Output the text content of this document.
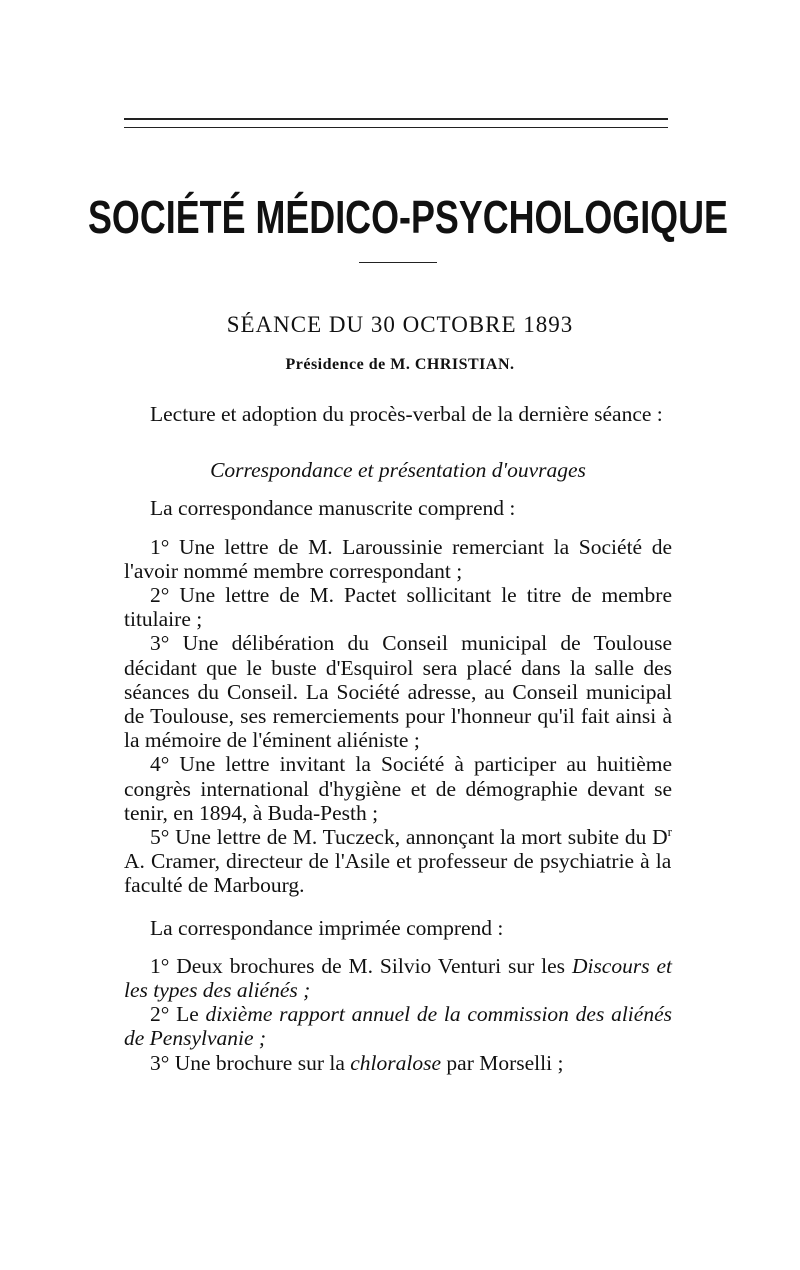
SOCIÉTÉ MÉDICO-PSYCHOLOGIQUE
SÉANCE DU 30 OCTOBRE 1893
Présidence de M. CHRISTIAN.

Lecture et adoption du procès-verbal de la dernière séance :

Correspondance et présentation d'ouvrages

La correspondance manuscrite comprend :

1° Une lettre de M. Laroussinie remerciant la Société de l'avoir nommé membre correspondant ;

2° Une lettre de M. Pactet sollicitant le titre de membre titulaire ;

3° Une délibération du Conseil municipal de Toulouse décidant que le buste d'Esquirol sera placé dans la salle des séances du Conseil. La Société adresse, au Conseil municipal de Toulouse, ses remerciements pour l'honneur qu'il fait ainsi à la mémoire de l'éminent aliéniste ;

4° Une lettre invitant la Société à participer au huitième congrès international d'hygiène et de démographie devant se tenir, en 1894, à Buda-Pesth ;

5° Une lettre de M. Tuczeck, annonçant la mort subite du $D^r$ A. Cramer, directeur de l'Asile et professeur de psychiatrie à la faculté de Marbourg.

La correspondance imprimée comprend :

1° Deux brochures de M. Silvio Venturi sur les Discours et les types des aliénés ;

2° Le dixième rapport annuel de la commission des aliénés de Pensylvanie ;

3° Une brochure sur la chloralose par Morselli ;
